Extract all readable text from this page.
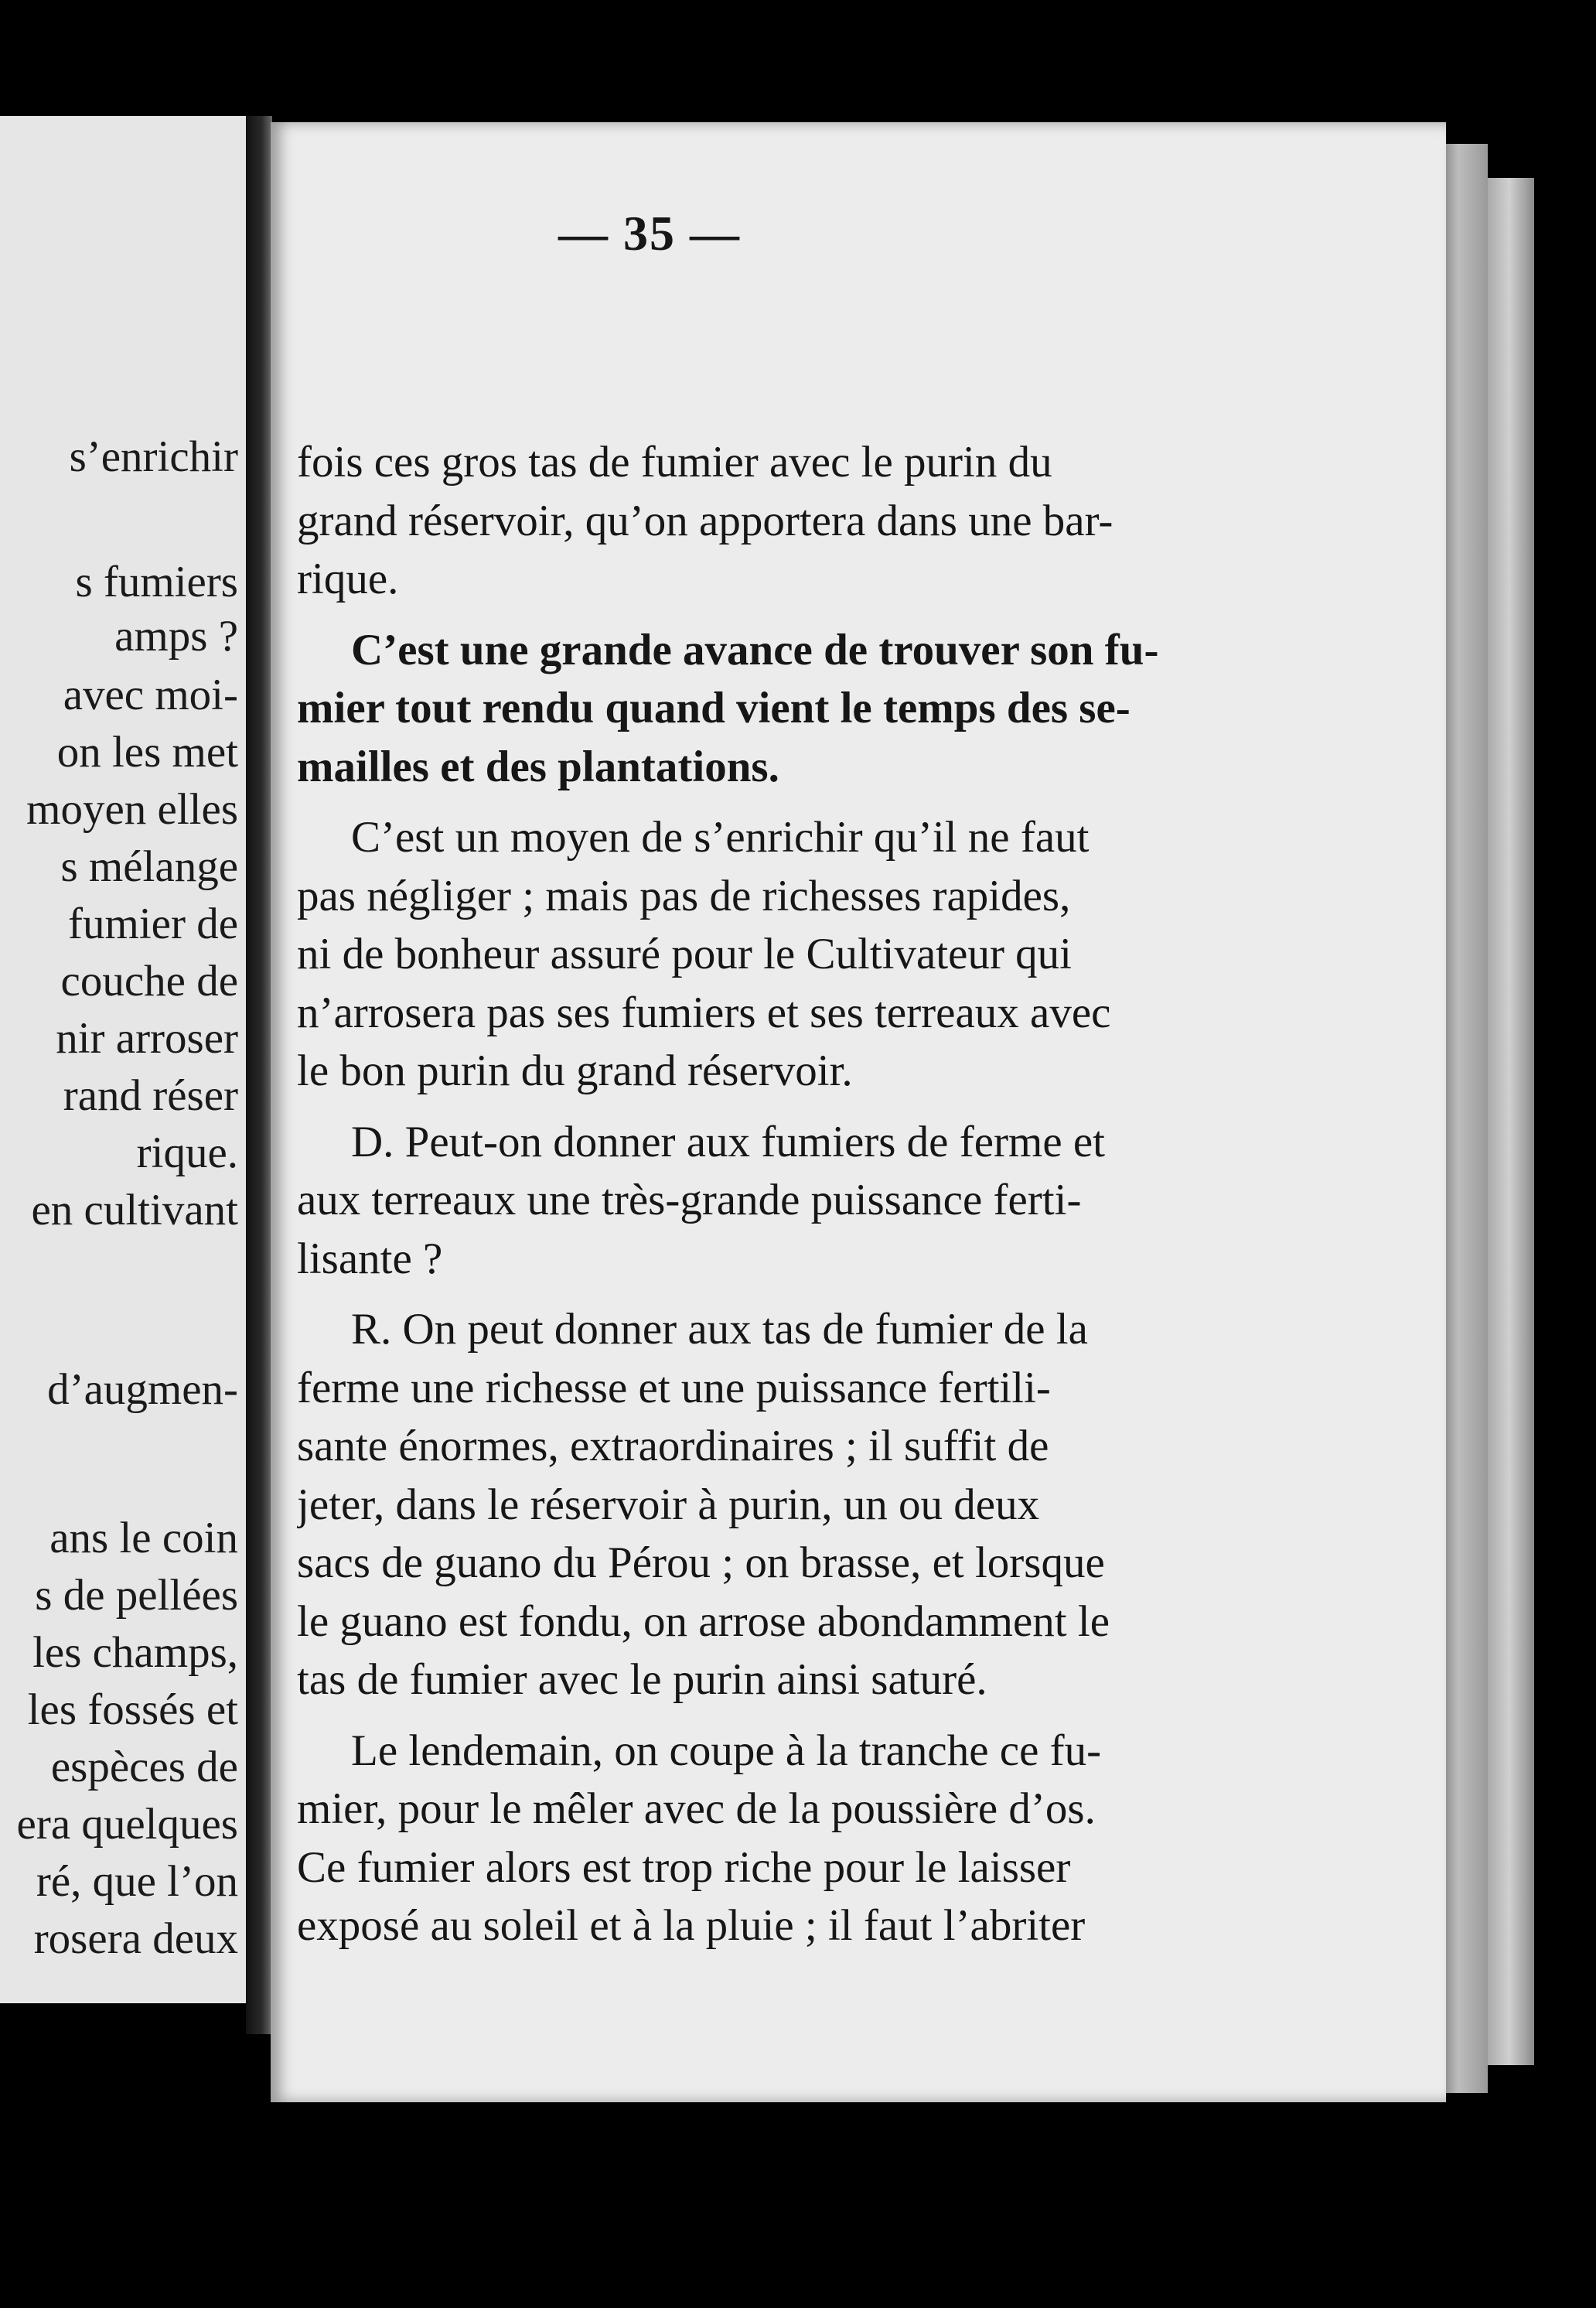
s’enrichir
s fumiers
amps ?
avec moi-
on les met
moyen elles
s mélange
fumier de
couche de
nir arroser
rand réser
rique.
en cultivant
d’augmen-
ans le coin
s de pellées
les champs,
les fossés et
espèces de
era quelques
ré, que l’on
rosera deux
— 35 —
fois ces gros tas de fumier avec le purin du
grand réservoir, qu’on apportera dans une bar-
rique.
C’est une grande avance de trouver son fu-
mier tout rendu quand vient le temps des se-
mailles et des plantations.
C’est un moyen de s’enrichir qu’il ne faut
pas négliger ; mais pas de richesses rapides,
ni de bonheur assuré pour le Cultivateur qui
n’arrosera pas ses fumiers et ses terreaux avec
le bon purin du grand réservoir.
D. Peut-on donner aux fumiers de ferme et
aux terreaux une très-grande puissance ferti-
lisante ?
R. On peut donner aux tas de fumier de la
ferme une richesse et une puissance fertili-
sante énormes, extraordinaires ; il suffit de
jeter, dans le réservoir à purin, un ou deux
sacs de guano du Pérou ; on brasse, et lorsque
le guano est fondu, on arrose abondamment le
tas de fumier avec le purin ainsi saturé.
Le lendemain, on coupe à la tranche ce fu-
mier, pour le mêler avec de la poussière d’os.
Ce fumier alors est trop riche pour le laisser
exposé au soleil et à la pluie ; il faut l’abriter
